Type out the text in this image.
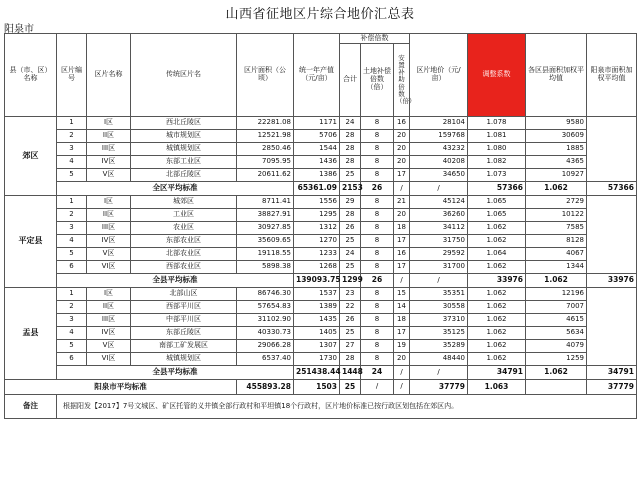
山西省征地区片综合地价汇总表
阳泉市
县（市、区）名称	区片编号	区片名称	传统区片名	区片面积（公顷）	统一年产值（元/亩）	补偿倍数			区片地价（元/亩）	调整系数	各区县面积加权平均值	阳泉市面积加权平均值	
						合计	土地补偿倍数（倍）	安置补助倍数（倍）					
郊区	1	I区	西北丘陵区	22281.08	1171	24	8	16	28104	1.078	9580		
	2	II区	城市规划区	12521.98	5706	28	8	20	159768	1.081	30609		
	3	III区	城镇规划区	2850.46	1544	28	8	20	43232	1.080	1885		
	4	IV区	东部工业区	7095.95	1436	28	8	20	40208	1.082	4365		
	5	V区	北部丘陵区	20611.62	1386	25	8	17	34650	1.073	10927		
	全区平均标准				65361.09	2153	26	/	/	57366	1.062	57366	
平定县	1	I区	城郊区	8711.41	1556	29	8	21	45124	1.065	2729		
	2	II区	工业区	38827.91	1295	28	8	20	36260	1.065	10122		
	3	III区	农业区	30927.85	1312	26	8	18	34112	1.062	7585		
	4	IV区	东部农业区	35609.65	1270	25	8	17	31750	1.062	8128		
	5	V区	北部农业区	19118.55	1233	24	8	16	29592	1.064	4067		
	6	VI区	西部农业区	5898.38	1268	25	8	17	31700	1.062	1344		
	全县平均标准				139093.75	1299	26	/	/	33976	1.062	33976	
盂县	1	I区	北部山区	86746.30	1537	23	8	15	35351	1.062	12196		
	2	II区	西部平川区	57654.83	1389	22	8	14	30558	1.062	7007		
	3	III区	中部平川区	31102.90	1435	26	8	18	37310	1.062	4615		
	4	IV区	东部丘陵区	40330.73	1405	25	8	17	35125	1.062	5634		
	5	V区	南部工矿发展区	29066.28	1307	27	8	19	35289	1.062	4079		
	6	VI区	城镇规划区	6537.40	1730	28	8	20	48440	1.062	1259		
	全县平均标准				251438.44	1448	24	/	/	34791	1.062	34791	
阳泉市平均标准				455893.28	1503	25	/	/	37779	1.063		37779	
备注	根据阳发【2017】7号文城区、矿区托管的义井镇全部行政村和平坦镇18个行政村，区片地价标准已按行政区划包括在郊区内。												
